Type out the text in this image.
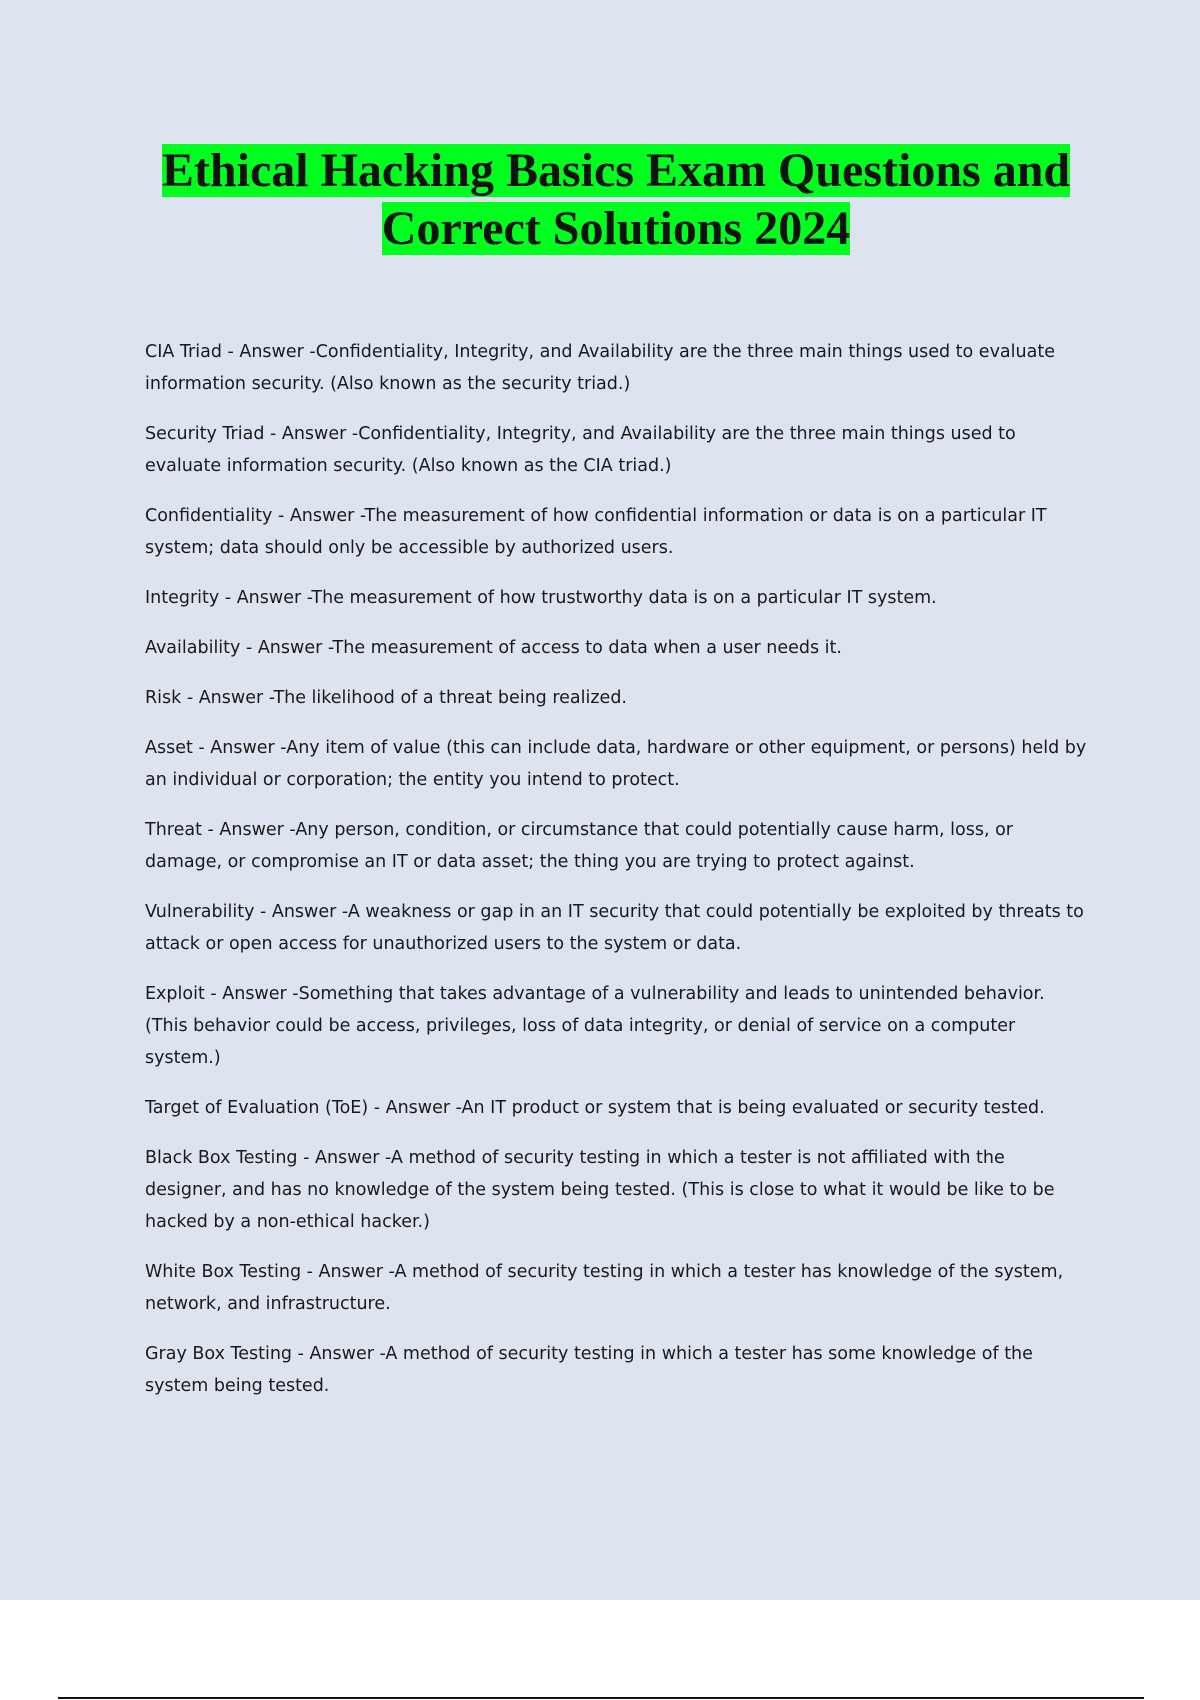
Ethical Hacking Basics Exam Questions and
Correct Solutions 2024

CIA Triad - Answer -Confidentiality, Integrity, and Availability are the three main things used to evaluate information security. (Also known as the security triad.)

Security Triad - Answer -Confidentiality, Integrity, and Availability are the three main things used to evaluate information security. (Also known as the CIA triad.)

Confidentiality - Answer -The measurement of how confidential information or data is on a particular IT system; data should only be accessible by authorized users.

Integrity - Answer -The measurement of how trustworthy data is on a particular IT system.

Availability - Answer -The measurement of access to data when a user needs it.

Risk - Answer -The likelihood of a threat being realized.

Asset - Answer -Any item of value (this can include data, hardware or other equipment, or persons) held by an individual or corporation; the entity you intend to protect.

Threat - Answer -Any person, condition, or circumstance that could potentially cause harm, loss, or damage, or compromise an IT or data asset; the thing you are trying to protect against.

Vulnerability - Answer -A weakness or gap in an IT security that could potentially be exploited by threats to attack or open access for unauthorized users to the system or data.

Exploit - Answer -Something that takes advantage of a vulnerability and leads to unintended behavior. (This behavior could be access, privileges, loss of data integrity, or denial of service on a computer system.)

Target of Evaluation (ToE) - Answer -An IT product or system that is being evaluated or security tested.

Black Box Testing - Answer -A method of security testing in which a tester is not affiliated with the designer, and has no knowledge of the system being tested. (This is close to what it would be like to be hacked by a non-ethical hacker.)

White Box Testing - Answer -A method of security testing in which a tester has knowledge of the system, network, and infrastructure.

Gray Box Testing - Answer -A method of security testing in which a tester has some knowledge of the system being tested.
